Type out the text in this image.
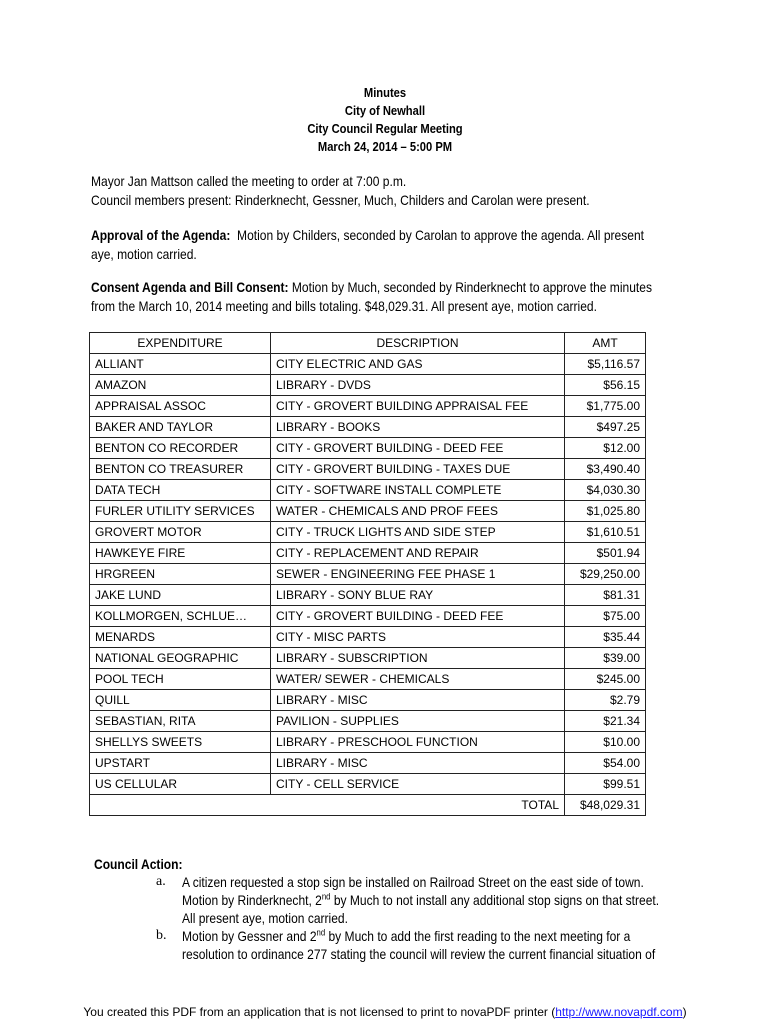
Minutes
City of Newhall
City Council Regular Meeting
March 24, 2014 – 5:00 PM
Mayor Jan Mattson called the meeting to order at 7:00 p.m.
Council members present: Rinderknecht, Gessner, Much, Childers and Carolan were present.
Approval of the Agenda: Motion by Childers, seconded by Carolan to approve the agenda. All present
aye, motion carried.
Consent Agenda and Bill Consent: Motion by Much, seconded by Rinderknecht to approve the minutes
from the March 10, 2014 meeting and bills totaling. $48,029.31. All present aye, motion carried.
EXPENDITURE	DESCRIPTION	AMT
ALLIANT	CITY ELECTRIC AND GAS	$5,116.57
AMAZON	LIBRARY - DVDS	$56.15
APPRAISAL ASSOC	CITY - GROVERT BUILDING APPRAISAL FEE	$1,775.00
BAKER AND TAYLOR	LIBRARY - BOOKS	$497.25
BENTON CO RECORDER	CITY - GROVERT BUILDING - DEED FEE	$12.00
BENTON CO TREASURER	CITY - GROVERT BUILDING - TAXES DUE	$3,490.40
DATA TECH	CITY - SOFTWARE INSTALL COMPLETE	$4,030.30
FURLER UTILITY SERVICES	WATER - CHEMICALS AND PROF FEES	$1,025.80
GROVERT MOTOR	CITY - TRUCK LIGHTS AND SIDE STEP	$1,610.51
HAWKEYE FIRE	CITY - REPLACEMENT AND REPAIR	$501.94
HRGREEN	SEWER - ENGINEERING FEE PHASE 1	$29,250.00
JAKE LUND	LIBRARY - SONY BLUE RAY	$81.31
KOLLMORGEN, SCHLUE…	CITY - GROVERT BUILDING - DEED FEE	$75.00
MENARDS	CITY - MISC PARTS	$35.44
NATIONAL GEOGRAPHIC	LIBRARY - SUBSCRIPTION	$39.00
POOL TECH	WATER/ SEWER - CHEMICALS	$245.00
QUILL	LIBRARY - MISC	$2.79
SEBASTIAN, RITA	PAVILION - SUPPLIES	$21.34
SHELLYS SWEETS	LIBRARY - PRESCHOOL FUNCTION	$10.00
UPSTART	LIBRARY - MISC	$54.00
US CELLULAR	CITY - CELL SERVICE	$99.51
TOTAL		$48,029.31
Council Action:
a. A citizen requested a stop sign be installed on Railroad Street on the east side of town.
Motion by Rinderknecht, 2nd by Much to not install any additional stop signs on that street.
All present aye, motion carried.
b. Motion by Gessner and 2nd by Much to add the first reading to the next meeting for a
resolution to ordinance 277 stating the council will review the current financial situation of
You created this PDF from an application that is not licensed to print to novaPDF printer (http://www.novapdf.com)
